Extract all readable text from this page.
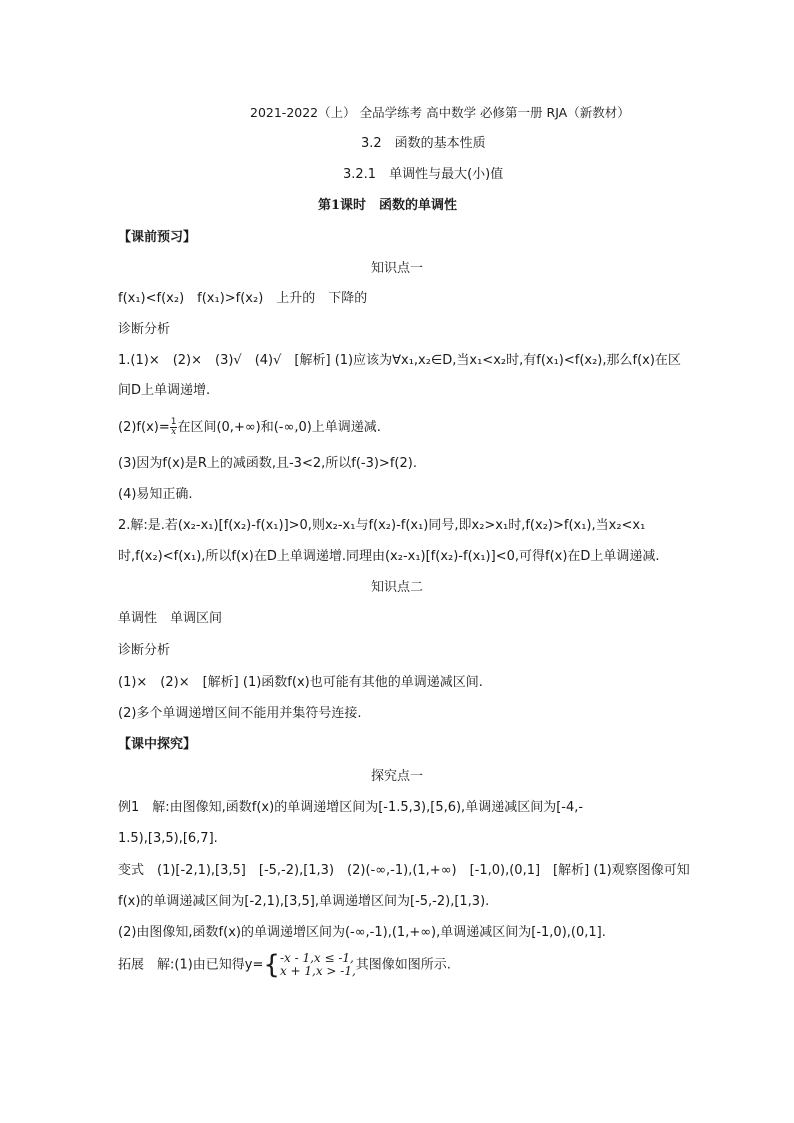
2021-2022（上） 全品学练考 高中数学 必修第一册 RJA（新教材）
3.2　函数的基本性质
3.2.1　单调性与最大(小)值
第1课时　函数的单调性
【课前预习】
知识点一
f(x₁)<f(x₂)　f(x₁)>f(x₂)　上升的　下降的
诊断分析
1.(1)×　(2)×　(3)√　(4)√　[解析] (1)应该为∀x₁,x₂∈D,当x₁<x₂时,有f(x₁)<f(x₂),那么f(x)在区
间D上单调递增.
$(2)f(x)= \frac{1}{x}$ 在区间(0,+∞)和(-∞,0)上单调递减.
(3)因为f(x)是R上的减函数,且-3<2,所以f(-3)>f(2).
(4)易知正确.
2.解:是.若(x₂-x₁)[f(x₂)-f(x₁)]>0,则x₂-x₁与f(x₂)-f(x₁)同号,即x₂>x₁时,f(x₂)>f(x₁),当x₂<x₁
时,f(x₂)<f(x₁),所以f(x)在D上单调递增.同理由(x₂-x₁)[f(x₂)-f(x₁)]<0,可得f(x)在D上单调递减.
知识点二
单调性　单调区间
诊断分析
(1)×　(2)×　[解析] (1)函数f(x)也可能有其他的单调递减区间.
(2)多个单调递增区间不能用并集符号连接.
【课中探究】
探究点一
例1　解:由图像知,函数f(x)的单调递增区间为[-1.5,3),[5,6),单调递减区间为[-4,-
1.5),[3,5),[6,7].
变式　(1)[-2,1),[3,5]　[-5,-2),[1,3)　(2)(-∞,-1),(1,+∞)　[-1,0),(0,1]　[解析] (1)观察图像可知
f(x)的单调递减区间为[-2,1),[3,5],单调递增区间为[-5,-2),[1,3).
(2)由图像知,函数f(x)的单调递增区间为(-∞,-1),(1,+∞),单调递减区间为[-1,0),(0,1].
拓展　解:(1)由已知得y={ -x - 1,x ≤ -1,
x + 1,x > -1, 其图像如图所示.
